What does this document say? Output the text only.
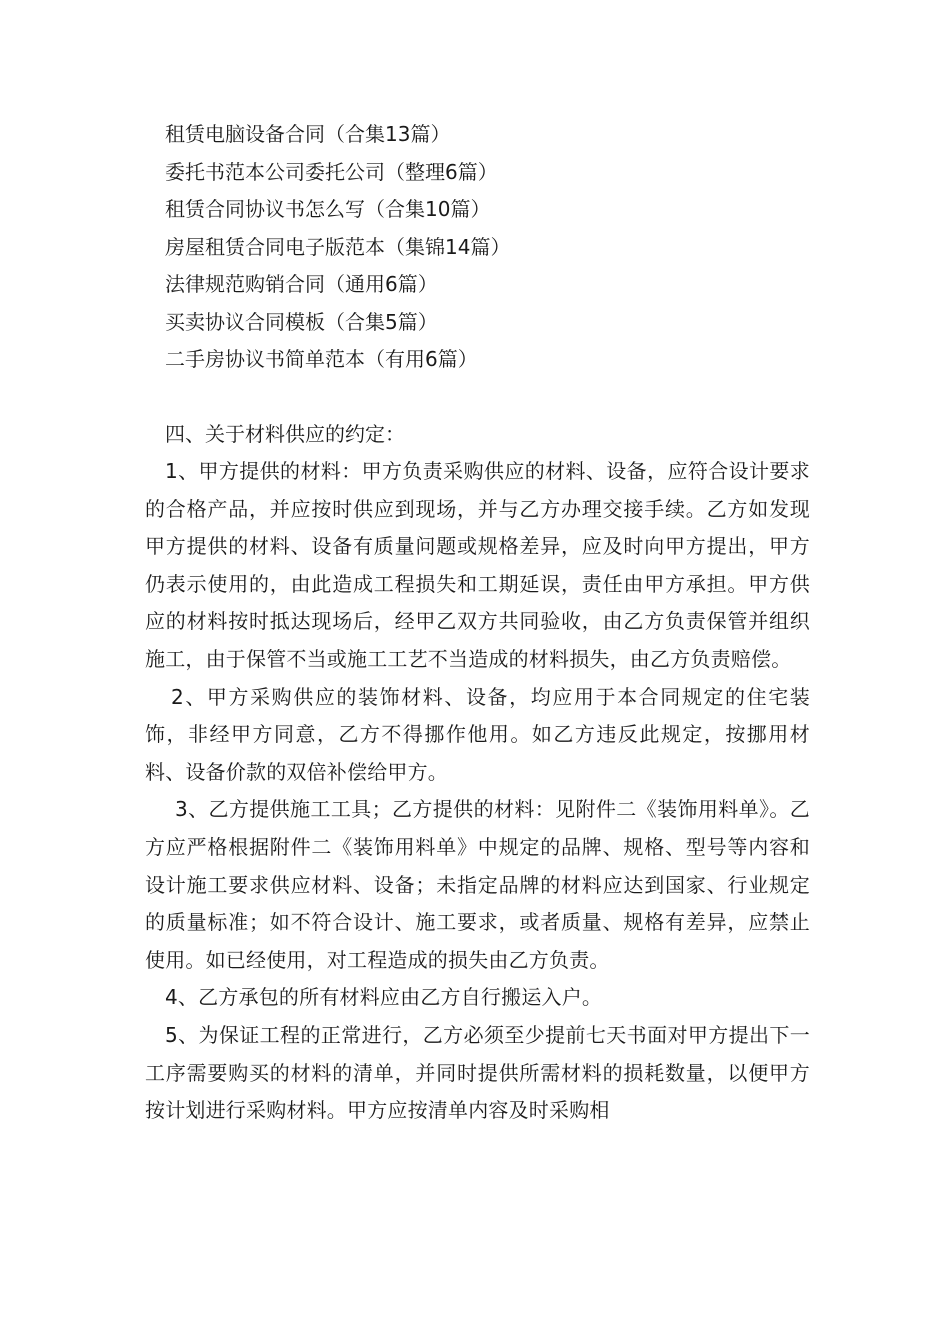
租赁电脑设备合同（合集13篇）
委托书范本公司委托公司（整理6篇）
租赁合同协议书怎么写（合集10篇）
房屋租赁合同电子版范本（集锦14篇）
法律规范购销合同（通用6篇）
买卖协议合同模板（合集5篇）
二手房协议书简单范本（有用6篇）
四、关于材料供应的约定：

1、甲方提供的材料：甲方负责采购供应的材料、设备，应符合设计要求的合格产品，并应按时供应到现场，并与乙方办理交接手续。乙方如发现甲方提供的材料、设备有质量问题或规格差异，应及时向甲方提出，甲方仍表示使用的，由此造成工程损失和工期延误，责任由甲方承担。甲方供应的材料按时抵达现场后，经甲乙双方共同验收，由乙方负责保管并组织施工，由于保管不当或施工工艺不当造成的材料损失，由乙方负责赔偿。

2、甲方采购供应的装饰材料、设备，均应用于本合同规定的住宅装饰，非经甲方同意，乙方不得挪作他用。如乙方违反此规定，按挪用材料、设备价款的双倍补偿给甲方。

3、乙方提供施工工具；乙方提供的材料：见附件二《装饰用料单》。乙方应严格根据附件二《装饰用料单》中规定的品牌、规格、型号等内容和设计施工要求供应材料、设备；未指定品牌的材料应达到国家、行业规定的质量标准；如不符合设计、施工要求，或者质量、规格有差异，应禁止使用。如已经使用，对工程造成的损失由乙方负责。

4、乙方承包的所有材料应由乙方自行搬运入户。

5、为保证工程的正常进行，乙方必须至少提前七天书面对甲方提出下一工序需要购买的材料的清单，并同时提供所需材料的损耗数量，以便甲方按计划进行采购材料。甲方应按清单内容及时采购相
